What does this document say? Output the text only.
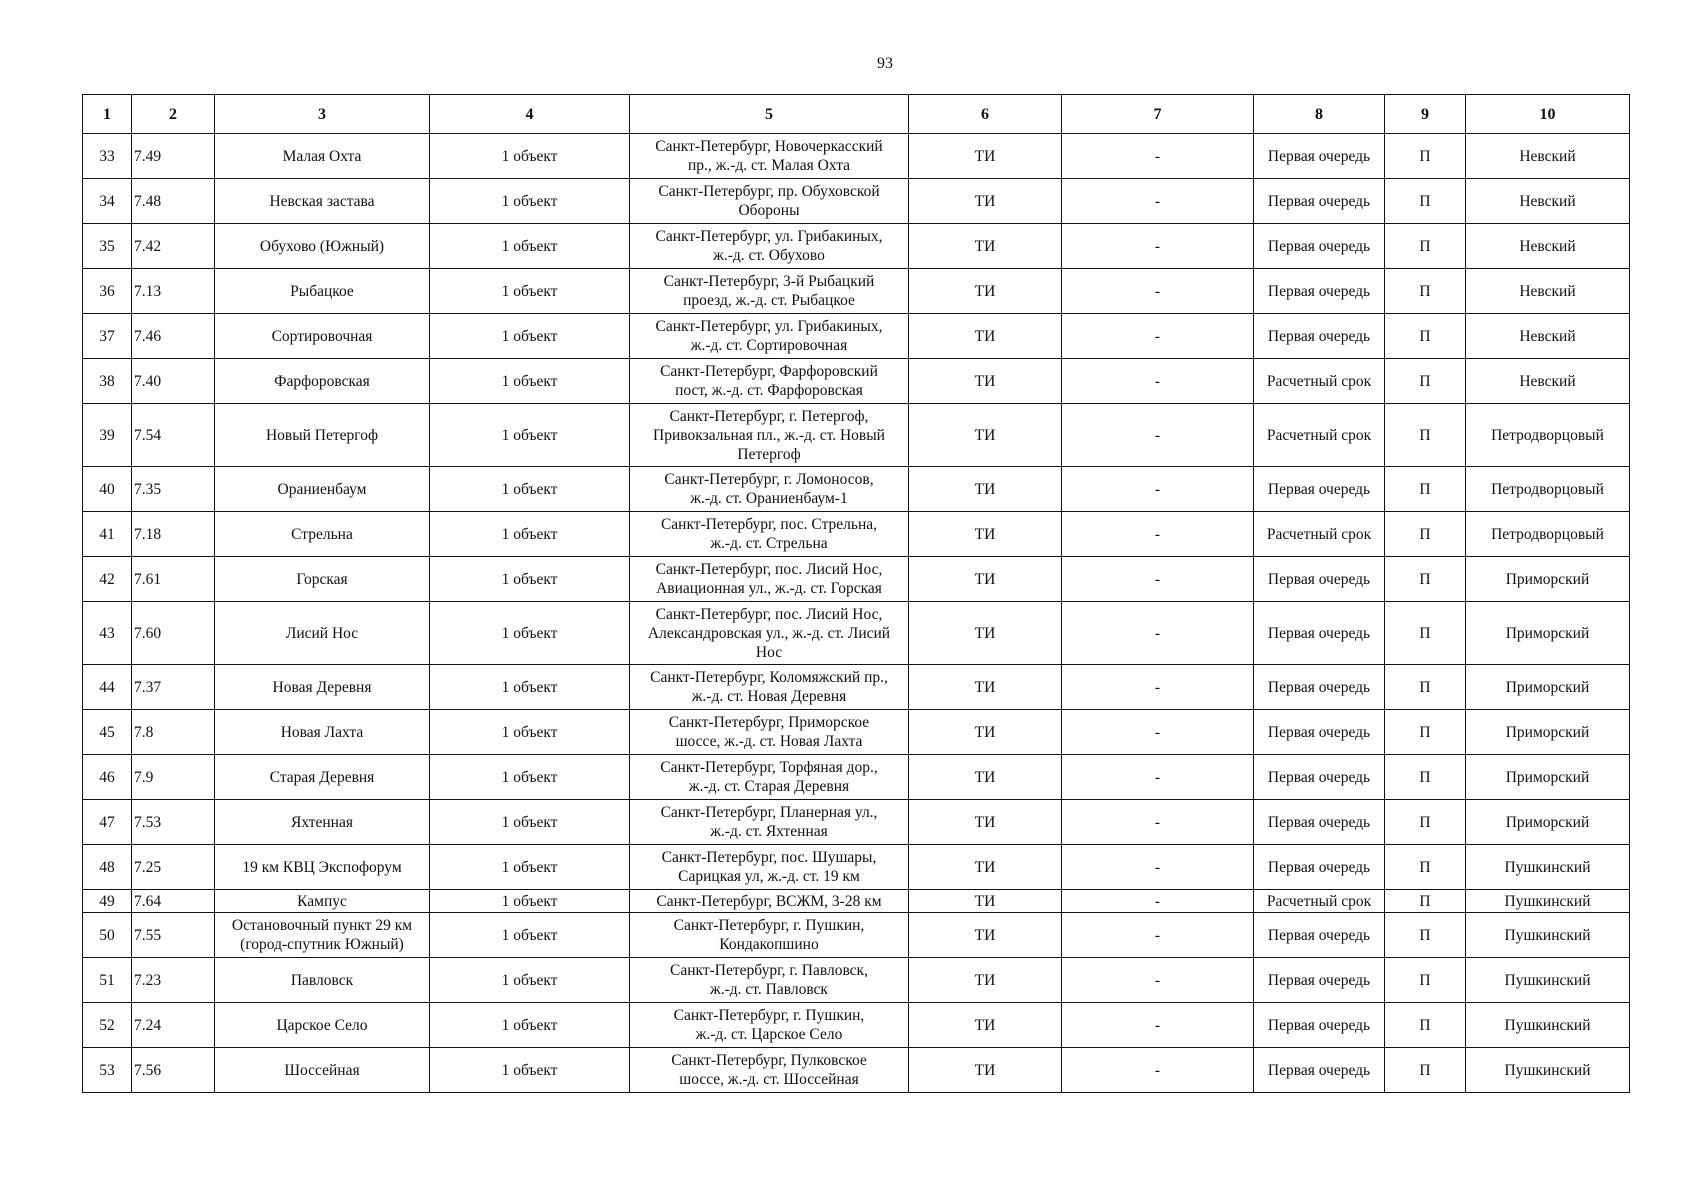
93
1	2	3	4	5	6	7	8	9	10
33	7.49	Малая Охта	1 объект	Санкт-Петербург, Новочеркасский
пр., ж.-д. ст. Малая Охта	ТИ	-	Первая очередь	П	Невский
34	7.48	Невская застава	1 объект	Санкт-Петербург, пр. Обуховской
Обороны	ТИ	-	Первая очередь	П	Невский
35	7.42	Обухово (Южный)	1 объект	Санкт-Петербург, ул. Грибакиных,
ж.-д. ст. Обухово	ТИ	-	Первая очередь	П	Невский
36	7.13	Рыбацкое	1 объект	Санкт-Петербург, 3-й Рыбацкий
проезд, ж.-д. ст. Рыбацкое	ТИ	-	Первая очередь	П	Невский
37	7.46	Сортировочная	1 объект	Санкт-Петербург, ул. Грибакиных,
ж.-д. ст. Сортировочная	ТИ	-	Первая очередь	П	Невский
38	7.40	Фарфоровская	1 объект	Санкт-Петербург, Фарфоровский
пост, ж.-д. ст. Фарфоровская	ТИ	-	Расчетный срок	П	Невский
39	7.54	Новый Петергоф	1 объект	Санкт-Петербург, г. Петергоф,
Привокзальная пл., ж.-д. ст. Новый
Петергоф	ТИ	-	Расчетный срок	П	Петродворцовый
40	7.35	Ораниенбаум	1 объект	Санкт-Петербург, г. Ломоносов,
ж.-д. ст. Ораниенбаум-1	ТИ	-	Первая очередь	П	Петродворцовый
41	7.18	Стрельна	1 объект	Санкт-Петербург, пос. Стрельна,
ж.-д. ст. Стрельна	ТИ	-	Расчетный срок	П	Петродворцовый
42	7.61	Горская	1 объект	Санкт-Петербург, пос. Лисий Нос,
Авиационная ул., ж.-д. ст. Горская	ТИ	-	Первая очередь	П	Приморский
43	7.60	Лисий Нос	1 объект	Санкт-Петербург, пос. Лисий Нос,
Александровская ул., ж.-д. ст. Лисий
Нос	ТИ	-	Первая очередь	П	Приморский
44	7.37	Новая Деревня	1 объект	Санкт-Петербург, Коломяжский пр.,
ж.-д. ст. Новая Деревня	ТИ	-	Первая очередь	П	Приморский
45	7.8	Новая Лахта	1 объект	Санкт-Петербург, Приморское
шоссе, ж.-д. ст. Новая Лахта	ТИ	-	Первая очередь	П	Приморский
46	7.9	Старая Деревня	1 объект	Санкт-Петербург, Торфяная дор.,
ж.-д. ст. Старая Деревня	ТИ	-	Первая очередь	П	Приморский
47	7.53	Яхтенная	1 объект	Санкт-Петербург, Планерная ул.,
ж.-д. ст. Яхтенная	ТИ	-	Первая очередь	П	Приморский
48	7.25	19 км КВЦ Экспофорум	1 объект	Санкт-Петербург, пос. Шушары,
Сарицкая ул, ж.-д. ст. 19 км	ТИ	-	Первая очередь	П	Пушкинский
49	7.64	Кампус	1 объект	Санкт-Петербург, ВСЖМ, 3-28 км	ТИ	-	Расчетный срок	П	Пушкинский
50	7.55	Остановочный пункт 29 км (город-спутник Южный)	1 объект	Санкт-Петербург, г. Пушкин,
Кондакопшино	ТИ	-	Первая очередь	П	Пушкинский
51	7.23	Павловск	1 объект	Санкт-Петербург, г. Павловск,
ж.-д. ст. Павловск	ТИ	-	Первая очередь	П	Пушкинский
52	7.24	Царское Село	1 объект	Санкт-Петербург, г. Пушкин,
ж.-д. ст. Царское Село	ТИ	-	Первая очередь	П	Пушкинский
53	7.56	Шоссейная	1 объект	Санкт-Петербург, Пулковское
шоссе, ж.-д. ст. Шоссейная	ТИ	-	Первая очередь	П	Пушкинский
